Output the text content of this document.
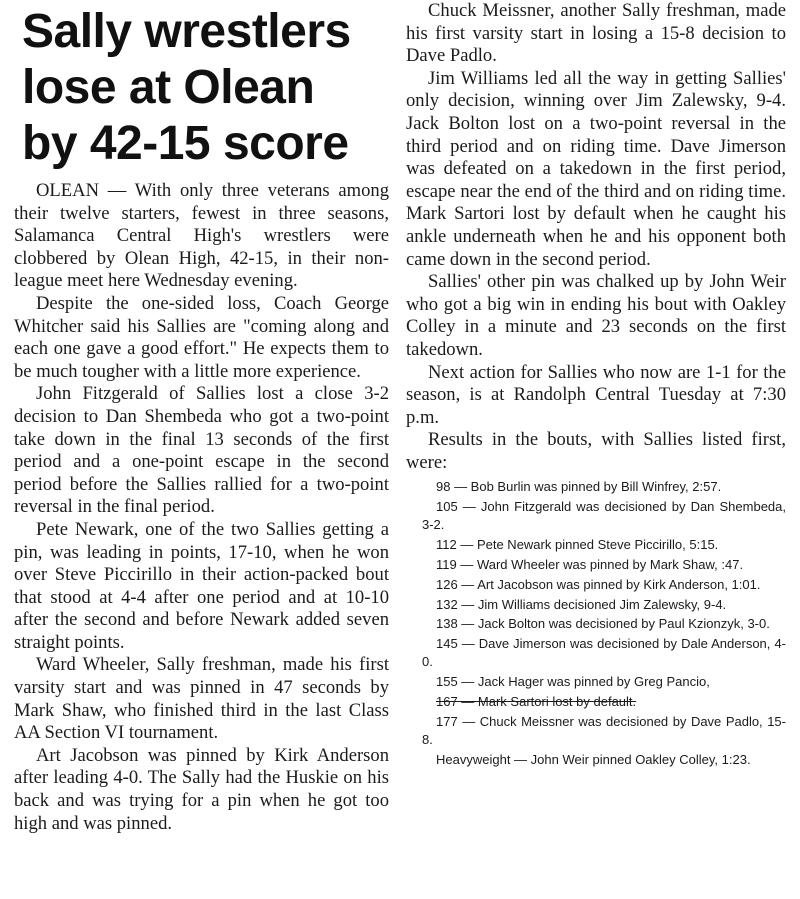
Sally wrestlers
lose at Olean
by 42-15 score

OLEAN — With only three veterans among their twelve starters, fewest in three seasons, Salamanca Central High's wrestlers were clobbered by Olean High, 42-15, in their non-league meet here Wednesday evening.

Despite the one-sided loss, Coach George Whitcher said his Sallies are "coming along and each one gave a good effort." He expects them to be much tougher with a little more experience.

John Fitzgerald of Sallies lost a close 3-2 decision to Dan Shembeda who got a two-point take down in the final 13 seconds of the first period and a one-point escape in the second period before the Sallies rallied for a two-point reversal in the final period.

Pete Newark, one of the two Sallies getting a pin, was leading in points, 17-10, when he won over Steve Piccirillo in their action-packed bout that stood at 4-4 after one period and at 10-10 after the second and before Newark added seven straight points.

Ward Wheeler, Sally freshman, made his first varsity start and was pinned in 47 seconds by Mark Shaw, who finished third in the last Class AA Section VI tournament.

Art Jacobson was pinned by Kirk Anderson after leading 4-0. The Sally had the Huskie on his back and was trying for a pin when he got too high and was pinned.

Chuck Meissner, another Sally freshman, made his first varsity start in losing a 15-8 decision to Dave Padlo.

Jim Williams led all the way in getting Sallies' only decision, winning over Jim Zalewsky, 9-4. Jack Bolton lost on a two-point reversal in the third period and on riding time. Dave Jimerson was defeated on a takedown in the first period, escape near the end of the third and on riding time. Mark Sartori lost by default when he caught his ankle underneath when he and his opponent both came down in the second period.

Sallies' other pin was chalked up by John Weir who got a big win in ending his bout with Oakley Colley in a minute and 23 seconds on the first takedown.

Next action for Sallies who now are 1-1 for the season, is at Randolph Central Tuesday at 7:30 p.m.

Results in the bouts, with Sallies listed first, were:

98 — Bob Burlin was pinned by Bill Winfrey, 2:57.
105 — John Fitzgerald was decisioned by Dan Shembeda, 3-2.
112 — Pete Newark pinned Steve Piccirillo, 5:15.
119 — Ward Wheeler was pinned by Mark Shaw, :47.
126 — Art Jacobson was pinned by Kirk Anderson, 1:01.
132 — Jim Williams decisioned Jim Zalewsky, 9-4.
138 — Jack Bolton was decisioned by Paul Kzionzyk, 3-0.
145 — Dave Jimerson was decisioned by Dale Anderson, 4-0.
155 — Jack Hager was pinned by Greg Pancio,
167 — Mark Sartori lost by default.
177 — Chuck Meissner was decisioned by Dave Padlo, 15-8.
Heavyweight — John Weir pinned Oakley Colley, 1:23.
